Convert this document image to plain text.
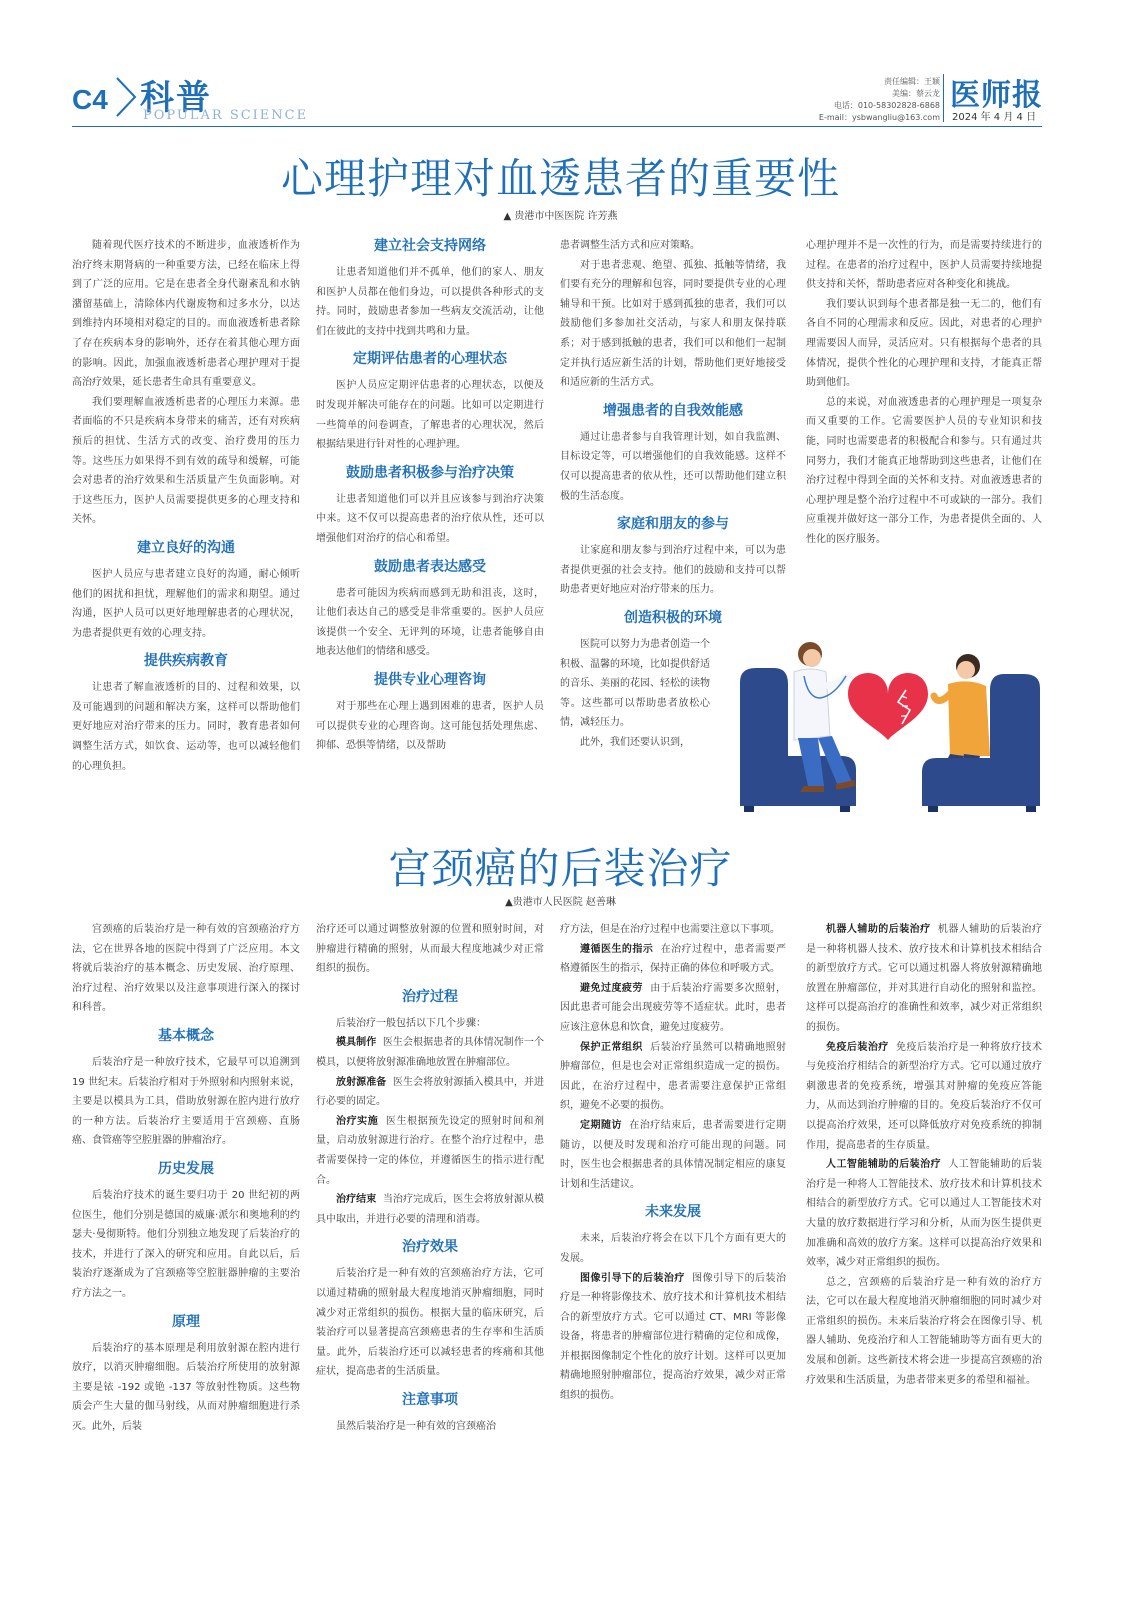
C4 科普
POPULAR SCIENCE
责任编辑：王颖
美编：蔡云龙
电话：010-58302828-6868
E-mail：ysbwangliu@163.com
医师报
2024 年 4 月 4 日
心理护理对血透患者的重要性
▲ 贵港市中医医院 许芳燕

随着现代医疗技术的不断进步，血液透析作为治疗终末期肾病的一种重要方法，已经在临床上得到了广泛的应用。它是在患者全身代谢紊乱和水钠潴留基础上，清除体内代谢废物和过多水分，以达到维持内环境相对稳定的目的。而血液透析患者除了存在疾病本身的影响外，还存在着其他心理方面的影响。因此，加强血液透析患者心理护理对于提高治疗效果，延长患者生命具有重要意义。

我们要理解血液透析患者的心理压力来源。患者面临的不只是疾病本身带来的痛苦，还有对疾病预后的担忧、生活方式的改变、治疗费用的压力等。这些压力如果得不到有效的疏导和缓解，可能会对患者的治疗效果和生活质量产生负面影响。对于这些压力，医护人员需要提供更多的心理支持和关怀。

建立良好的沟通

医护人员应与患者建立良好的沟通，耐心倾听他们的困扰和担忧，理解他们的需求和期望。通过沟通，医护人员可以更好地理解患者的心理状况，为患者提供更有效的心理支持。

提供疾病教育

让患者了解血液透析的目的、过程和效果，以及可能遇到的问题和解决方案，这样可以帮助他们更好地应对治疗带来的压力。同时，教育患者如何调整生活方式，如饮食、运动等，也可以减轻他们的心理负担。

建立社会支持网络

让患者知道他们并不孤单，他们的家人、朋友和医护人员都在他们身边，可以提供各种形式的支持。同时，鼓励患者参加一些病友交流活动，让他们在彼此的支持中找到共鸣和力量。

定期评估患者的心理状态

医护人员应定期评估患者的心理状态，以便及时发现并解决可能存在的问题。比如可以定期进行一些简单的问卷调查，了解患者的心理状况，然后根据结果进行针对性的心理护理。

鼓励患者积极参与治疗决策

让患者知道他们可以并且应该参与到治疗决策中来。这不仅可以提高患者的治疗依从性，还可以增强他们对治疗的信心和希望。

鼓励患者表达感受

患者可能因为疾病而感到无助和沮丧，这时，让他们表达自己的感受是非常重要的。医护人员应该提供一个安全、无评判的环境，让患者能够自由地表达他们的情绪和感受。

提供专业心理咨询

对于那些在心理上遇到困难的患者，医护人员可以提供专业的心理咨询。这可能包括处理焦虑、抑郁、恐惧等情绪，以及帮助

患者调整生活方式和应对策略。

对于患者悲观、绝望、孤独、抵触等情绪，我们要有充分的理解和包容，同时要提供专业的心理辅导和干预。比如对于感到孤独的患者，我们可以鼓励他们多参加社交活动，与家人和朋友保持联系；对于感到抵触的患者，我们可以和他们一起制定并执行适应新生活的计划，帮助他们更好地接受和适应新的生活方式。

增强患者的自我效能感

通过让患者参与自我管理计划，如自我监测、目标设定等，可以增强他们的自我效能感。这样不仅可以提高患者的依从性，还可以帮助他们建立积极的生活态度。

家庭和朋友的参与

让家庭和朋友参与到治疗过程中来，可以为患者提供更强的社会支持。他们的鼓励和支持可以帮助患者更好地应对治疗带来的压力。

创造积极的环境

医院可以努力为患者创造一个积极、温馨的环境，比如提供舒适的音乐、美丽的花园、轻松的读物等。这些都可以帮助患者放松心情，减轻压力。

此外，我们还要认识到，

心理护理并不是一次性的行为，而是需要持续进行的过程。在患者的治疗过程中，医护人员需要持续地提供支持和关怀，帮助患者应对各种变化和挑战。

我们要认识到每个患者都是独一无二的，他们有各自不同的心理需求和反应。因此，对患者的心理护理需要因人而异，灵活应对。只有根据每个患者的具体情况，提供个性化的心理护理和支持，才能真正帮助到他们。

总的来说，对血液透患者的心理护理是一项复杂而又重要的工作。它需要医护人员的专业知识和技能，同时也需要患者的积极配合和参与。只有通过共同努力，我们才能真正地帮助到这些患者，让他们在治疗过程中得到全面的关怀和支持。对血液透患者的心理护理是整个治疗过程中不可或缺的一部分。我们应重视并做好这一部分工作，为患者提供全面的、人性化的医疗服务。

宫颈癌的后装治疗
▲贵港市人民医院 赵善琳

宫颈癌的后装治疗是一种有效的宫颈癌治疗方法，它在世界各地的医院中得到了广泛应用。本文将就后装治疗的基本概念、历史发展、治疗原理、治疗过程、治疗效果以及注意事项进行深入的探讨和科普。

基本概念

后装治疗是一种放疗技术，它最早可以追溯到 19 世纪末。后装治疗相对于外照射和内照射来说，主要是以模具为工具，借助放射源在腔内进行放疗的一种方法。后装治疗主要适用于宫颈癌、直肠癌、食管癌等空腔脏器的肿瘤治疗。

历史发展

后装治疗技术的诞生要归功于 20 世纪初的两位医生，他们分别是德国的威廉·派尔和奥地利的约瑟夫·曼彻斯特。他们分别独立地发现了后装治疗的技术，并进行了深入的研究和应用。自此以后，后装治疗逐渐成为了宫颈癌等空腔脏器肿瘤的主要治疗方法之一。

原理

后装治疗的基本原理是利用放射源在腔内进行放疗，以消灭肿瘤细胞。后装治疗所使用的放射源主要是铱 -192 或铯 -137 等放射性物质。这些物质会产生大量的伽马射线，从而对肿瘤细胞进行杀灭。此外，后装

治疗还可以通过调整放射源的位置和照射时间，对肿瘤进行精确的照射，从而最大程度地减少对正常组织的损伤。

治疗过程

后装治疗一般包括以下几个步骤：

模具制作 医生会根据患者的具体情况制作一个模具，以便将放射源准确地放置在肿瘤部位。

放射源准备 医生会将放射源插入模具中，并进行必要的固定。

治疗实施 医生根据预先设定的照射时间和剂量，启动放射源进行治疗。在整个治疗过程中，患者需要保持一定的体位，并遵循医生的指示进行配合。

治疗结束 当治疗完成后，医生会将放射源从模具中取出，并进行必要的清理和消毒。

治疗效果

后装治疗是一种有效的宫颈癌治疗方法，它可以通过精确的照射最大程度地消灭肿瘤细胞，同时减少对正常组织的损伤。根据大量的临床研究，后装治疗可以显著提高宫颈癌患者的生存率和生活质量。此外，后装治疗还可以减轻患者的疼痛和其他症状，提高患者的生活质量。

注意事项

虽然后装治疗是一种有效的宫颈癌治

疗方法，但是在治疗过程中也需要注意以下事项。

遵循医生的指示 在治疗过程中，患者需要严格遵循医生的指示，保持正确的体位和呼吸方式。

避免过度疲劳 由于后装治疗需要多次照射，因此患者可能会出现疲劳等不适症状。此时，患者应该注意休息和饮食，避免过度疲劳。

保护正常组织 后装治疗虽然可以精确地照射肿瘤部位，但是也会对正常组织造成一定的损伤。因此，在治疗过程中，患者需要注意保护正常组织，避免不必要的损伤。

定期随访 在治疗结束后，患者需要进行定期随访，以便及时发现和治疗可能出现的问题。同时，医生也会根据患者的具体情况制定相应的康复计划和生活建议。

未来发展

未来，后装治疗将会在以下几个方面有更大的发展。

图像引导下的后装治疗 图像引导下的后装治疗是一种将影像技术、放疗技术和计算机技术相结合的新型放疗方式。它可以通过 CT、MRI 等影像设备，将患者的肿瘤部位进行精确的定位和成像，并根据图像制定个性化的放疗计划。这样可以更加精确地照射肿瘤部位，提高治疗效果，减少对正常组织的损伤。

机器人辅助的后装治疗 机器人辅助的后装治疗是一种将机器人技术、放疗技术和计算机技术相结合的新型放疗方式。它可以通过机器人将放射源精确地放置在肿瘤部位，并对其进行自动化的照射和监控。这样可以提高治疗的准确性和效率，减少对正常组织的损伤。

免疫后装治疗 免疫后装治疗是一种将放疗技术与免疫治疗相结合的新型治疗方式。它可以通过放疗刺激患者的免疫系统，增强其对肿瘤的免疫应答能力，从而达到治疗肿瘤的目的。免疫后装治疗不仅可以提高治疗效果，还可以降低放疗对免疫系统的抑制作用，提高患者的生存质量。

人工智能辅助的后装治疗 人工智能辅助的后装治疗是一种将人工智能技术、放疗技术和计算机技术相结合的新型放疗方式。它可以通过人工智能技术对大量的放疗数据进行学习和分析，从而为医生提供更加准确和高效的放疗方案。这样可以提高治疗效果和效率，减少对正常组织的损伤。

总之，宫颈癌的后装治疗是一种有效的治疗方法，它可以在最大程度地消灭肿瘤细胞的同时减少对正常组织的损伤。未来后装治疗将会在图像引导、机器人辅助、免疫治疗和人工智能辅助等方面有更大的发展和创新。这些新技术将会进一步提高宫颈癌的治疗效果和生活质量，为患者带来更多的希望和福祉。
